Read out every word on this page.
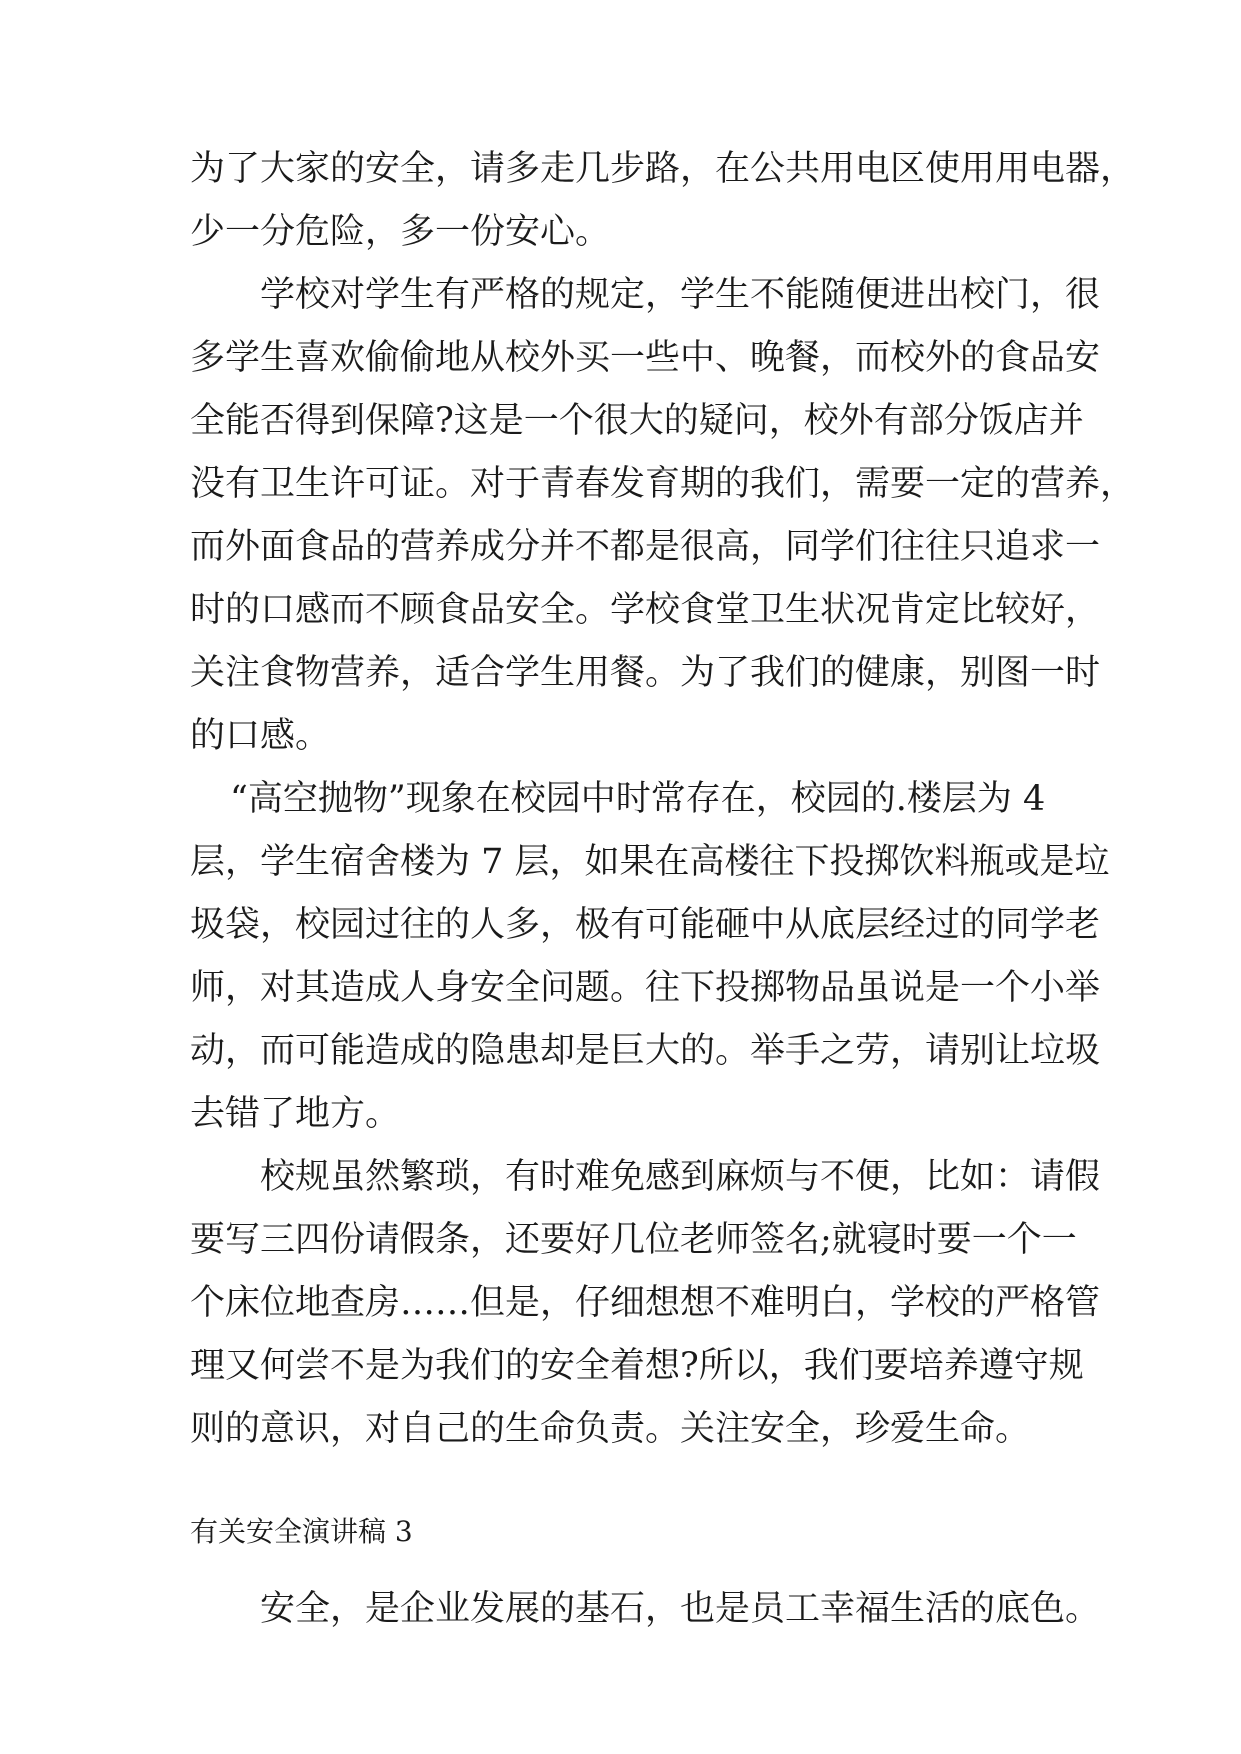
为了大家的安全，请多走几步路，在公共用电区使用用电器，
少一分危险，多一份安心。
学校对学生有严格的规定，学生不能随便进出校门，很
多学生喜欢偷偷地从校外买一些中、晚餐，而校外的食品安
全能否得到保障?这是一个很大的疑问，校外有部分饭店并
没有卫生许可证。对于青春发育期的我们，需要一定的营养，
而外面食品的营养成分并不都是很高，同学们往往只追求一
时的口感而不顾食品安全。学校食堂卫生状况肯定比较好，
关注食物营养，适合学生用餐。为了我们的健康，别图一时
的口感。
“高空抛物”现象在校园中时常存在，校园的.楼层为 4
层，学生宿舍楼为 7 层，如果在高楼往下投掷饮料瓶或是垃
圾袋，校园过往的人多，极有可能砸中从底层经过的同学老
师，对其造成人身安全问题。往下投掷物品虽说是一个小举
动，而可能造成的隐患却是巨大的。举手之劳，请别让垃圾
去错了地方。
校规虽然繁琐，有时难免感到麻烦与不便，比如：请假
要写三四份请假条，还要好几位老师签名;就寝时要一个一
个床位地查房……但是，仔细想想不难明白，学校的严格管
理又何尝不是为我们的安全着想?所以，我们要培养遵守规
则的意识，对自己的生命负责。关注安全，珍爱生命。
有关安全演讲稿 3
安全，是企业发展的基石，也是员工幸福生活的底色。
